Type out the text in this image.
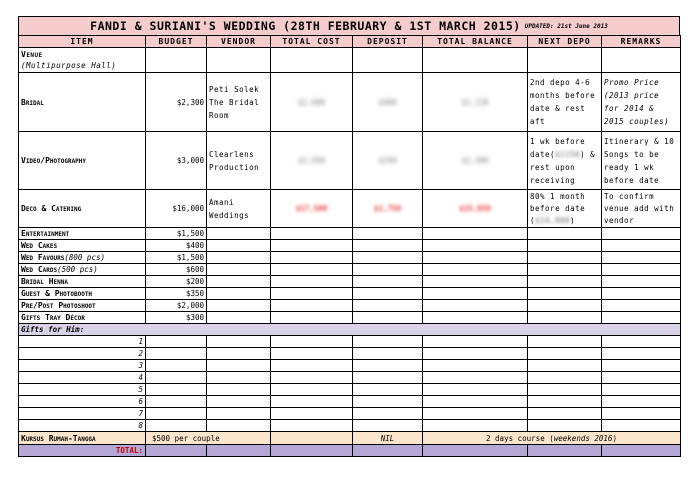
FANDI & SURIANI'S WEDDING (28TH FEBRUARY & 1ST MARCH 2015) UPDATED: 21st June 2013
ITEM	BUDGET	VENDOR	TOTAL COST	DEPOSIT	TOTAL BALANCE	NEXT DEPO	REMARKS
Venue
(Multipurpose Hall)							
Bridal	$2,300	Peti Solek The Bridal Room	$1,600	$460	$1,120	2nd depo 4-6 months before date & rest aft	Promo Price (2013 price for 2014 & 2015 couples)
Video/Photography	$3,000	Clearlens Production	$2,550	$250	$2,300	1 wk before date($1150) & rest upon receiving	Itinerary & 10 Songs to be ready 1 wk before date
Deco & Catering	$16,000	Amani Weddings	$17,500	$1,750	$15,850	80% 1 month before date ($14,000)	To confirm venue add with vendor
Entertainment	$1,500						
Wed Cakes	$400						
Wed Favours(800 pcs)	$1,500						
Wed Cards(500 pcs)	$600						
Bridal Henna	$200						
Guest & Photobooth	$350						
Pre/Post Photoshoot	$2,000						
Gifts Tray Décor	$300						
Gifts for Him:							
1							
2							
3							
4							
5							
6							
7							
8							
Kursus Rumah-Tangga	$500 per couple			NIL	2 days course (weekends 2016)		
TOTAL:							
